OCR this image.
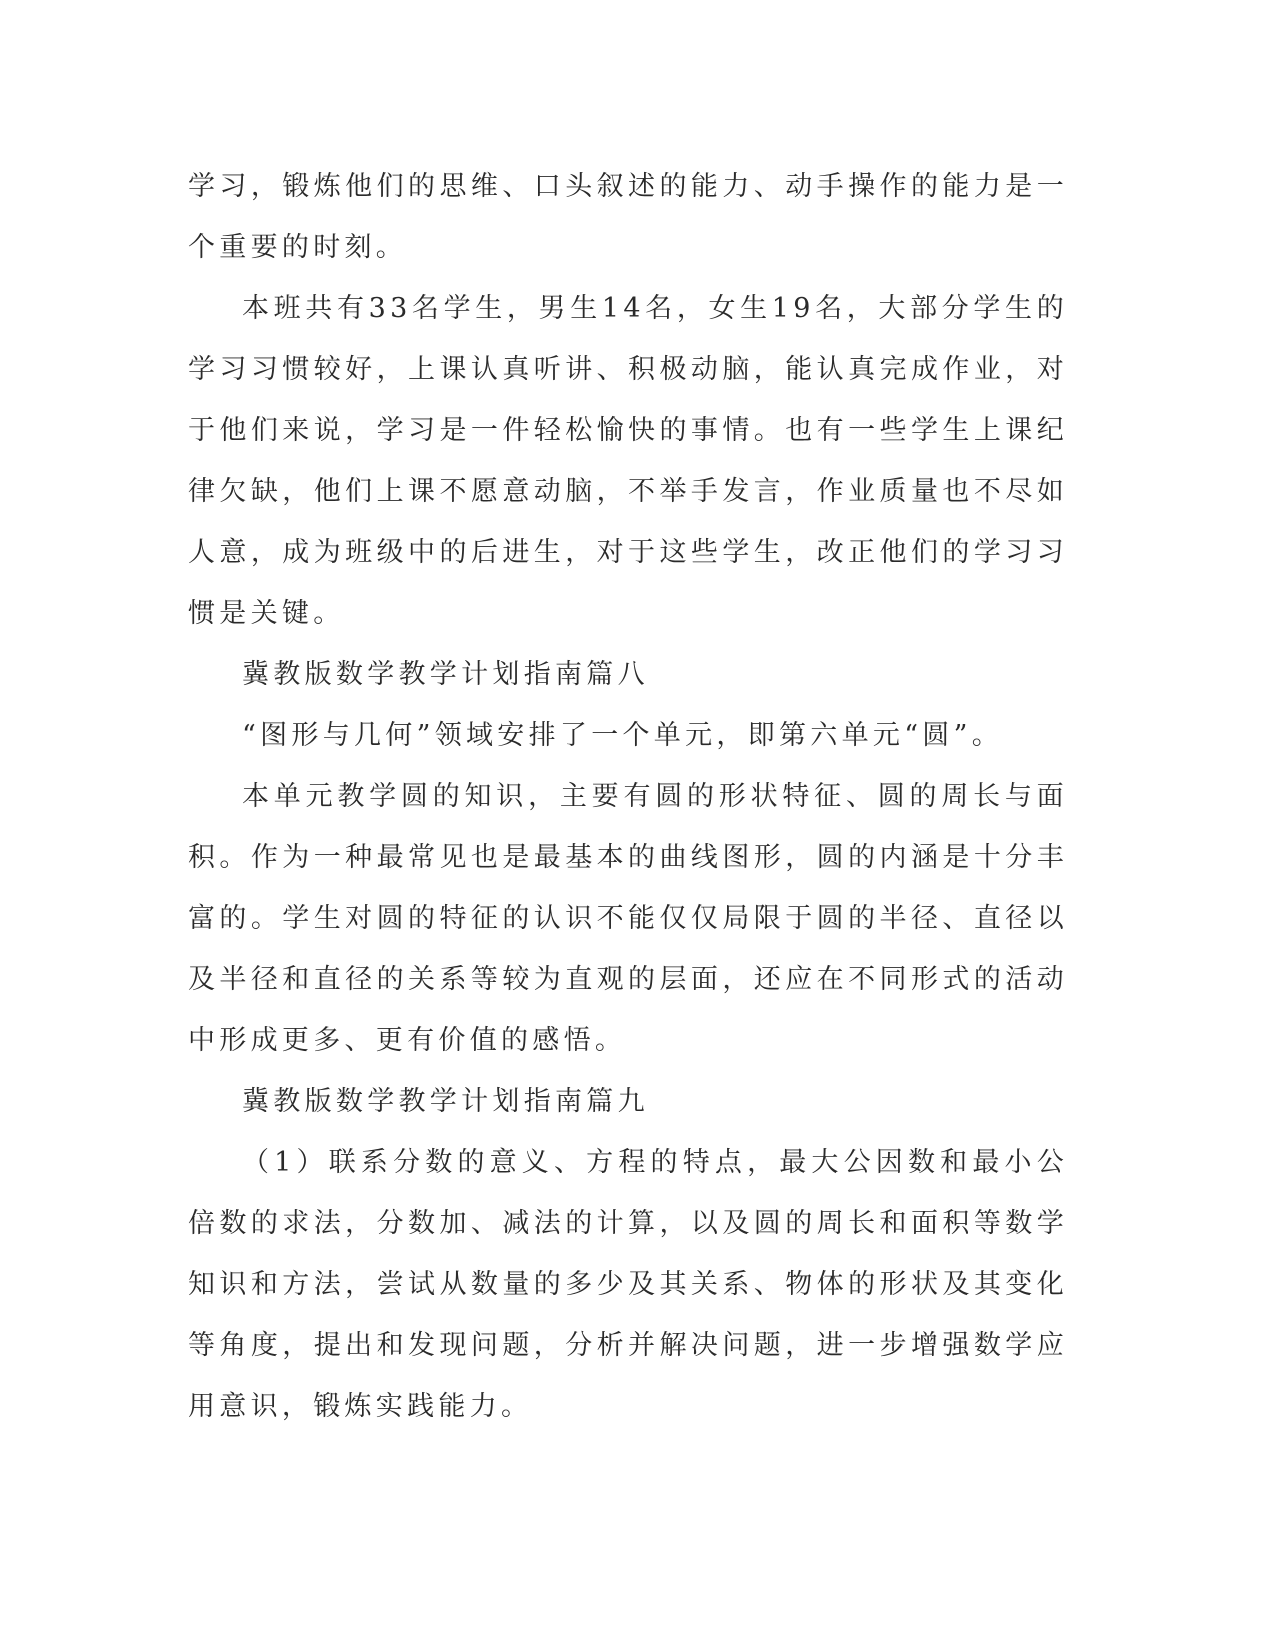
学习，锻炼他们的思维、口头叙述的能力、动手操作的能力是一个重要的时刻。

本班共有33名学生，男生14名，女生19名，大部分学生的学习习惯较好，上课认真听讲、积极动脑，能认真完成作业，对于他们来说，学习是一件轻松愉快的事情。也有一些学生上课纪律欠缺，他们上课不愿意动脑，不举手发言，作业质量也不尽如人意，成为班级中的后进生，对于这些学生，改正他们的学习习惯是关键。

冀教版数学教学计划指南篇八

“图形与几何”领域安排了一个单元，即第六单元“圆”。

本单元教学圆的知识，主要有圆的形状特征、圆的周长与面积。作为一种最常见也是最基本的曲线图形，圆的内涵是十分丰富的。学生对圆的特征的认识不能仅仅局限于圆的半径、直径以及半径和直径的关系等较为直观的层面，还应在不同形式的活动中形成更多、更有价值的感悟。

冀教版数学教学计划指南篇九

（1）联系分数的意义、方程的特点，最大公因数和最小公倍数的求法，分数加、减法的计算，以及圆的周长和面积等数学知识和方法，尝试从数量的多少及其关系、物体的形状及其变化等角度，提出和发现问题，分析并解决问题，进一步增强数学应用意识，锻炼实践能力。
